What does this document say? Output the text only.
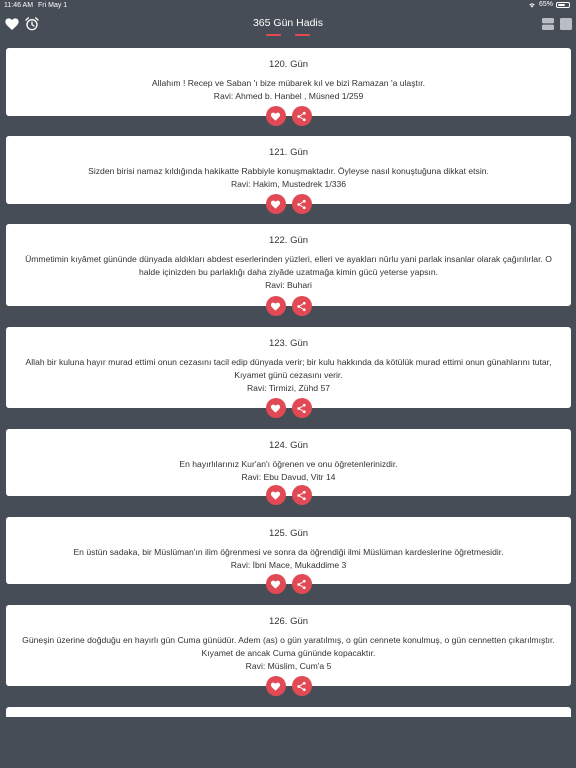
11:46 AM Fri May 1	65%
365 Gün Hadis
120. Gün
Allahım ! Recep ve Saban 'ı bize mübarek kıl ve bizi Ramazan 'a ulaştır.
Ravi: Ahmed b. Hanbel , Müsned 1/259
121. Gün
Sizden birisi namaz kıldığında hakikatte Rabbiyle konuşmaktadır. Öyleyse nasıl konuştuğuna dikkat etsin.
Ravi: Hakim, Mustedrek 1/336
122. Gün
Ümmetimin kıyâmet gününde dünyada aldıkları abdest eserlerinden yüzleri, elleri ve ayakları nûrlu yani parlak insanlar olarak çağırılırlar. O halde içinizden bu parlaklığı daha ziyâde uzatmağa kimin gücü yeterse yapsın.
Ravi: Buhari
123. Gün
Allah bir kuluna hayır murad ettimi onun cezasını tacil edip dünyada verir; bir kulu hakkında da kötülük murad ettimi onun günahlarını tutar, Kıyamet günü cezasını verir.
Ravi: Tirmizi, Zühd 57
124. Gün
En hayırlılarınız Kur'an'ı öğrenen ve onu öğretenlerinizdir.
Ravi: Ebu Davud, Vitr 14
125. Gün
En üstün sadaka, bir Müslüman'ın ilim öğrenmesi ve sonra da öğrendiği ilmi Müslüman kardeslerine öğretmesidir.
Ravi: İbni Mace, Mukaddime 3
126. Gün
Güneşin üzerine doğduğu en hayırlı gün Cuma günüdür. Adem (as) o gün yaratılmış, o gün cennete konulmuş, o gün cennetten çıkarılmıştır. Kıyamet de ancak Cuma gününde kopacaktır.
Ravi: Müslim, Cum'a 5
